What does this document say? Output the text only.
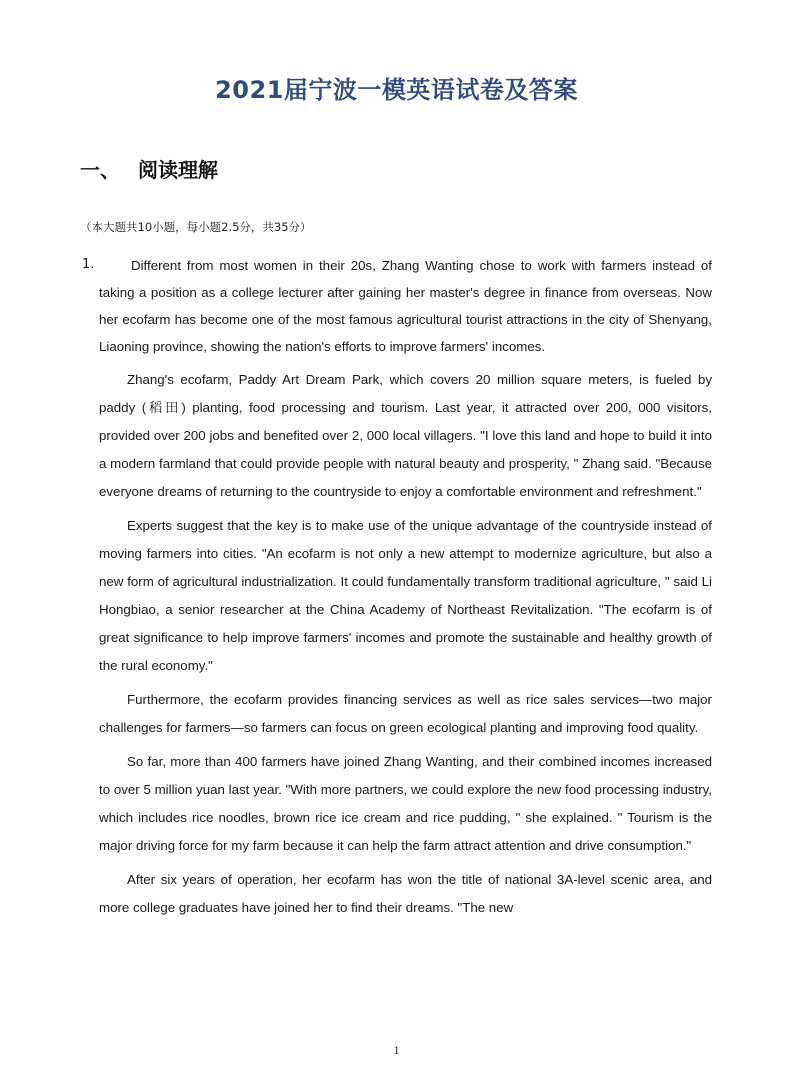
2021届宁波一模英语试卷及答案
一、 阅读理解
（本大题共10小题，每小题2.5分，共35分）
1.	Different from most women in their 20s, Zhang Wanting chose to work with farmers instead of taking a position as a college lecturer after gaining her master's degree in finance from overseas. Now her ecofarm has become one of the most famous agricultural tourist attractions in the city of Shenyang, Liaoning province, showing the nation's efforts to improve farmers' incomes.

Zhang's ecofarm, Paddy Art Dream Park, which covers 20 million square meters, is fueled by paddy (稻田) planting, food processing and tourism. Last year, it attracted over 200, 000 visitors, provided over 200 jobs and benefited over 2, 000 local villagers. "I love this land and hope to build it into a modern farmland that could provide people with natural beauty and prosperity, " Zhang said. "Because everyone dreams of returning to the countryside to enjoy a comfortable environment and refreshment."

Experts suggest that the key is to make use of the unique advantage of the countryside instead of moving farmers into cities. "An ecofarm is not only a new attempt to modernize agriculture, but also a new form of agricultural industrialization. It could fundamentally transform traditional agriculture, " said Li Hongbiao, a senior researcher at the China Academy of Northeast Revitalization. "The ecofarm is of great significance to help improve farmers' incomes and promote the sustainable and healthy growth of the rural economy."

Furthermore, the ecofarm provides financing services as well as rice sales services—two major challenges for farmers—so farmers can focus on green ecological planting and improving food quality.

So far, more than 400 farmers have joined Zhang Wanting, and their combined incomes increased to over 5 million yuan last year. "With more partners, we could explore the new food processing industry, which includes rice noodles, brown rice ice cream and rice pudding, " she explained. " Tourism is the major driving force for my farm because it can help the farm attract attention and drive consumption."

After six years of operation, her ecofarm has won the title of national 3A-level scenic area, and more college graduates have joined her to find their dreams. "The new

1
